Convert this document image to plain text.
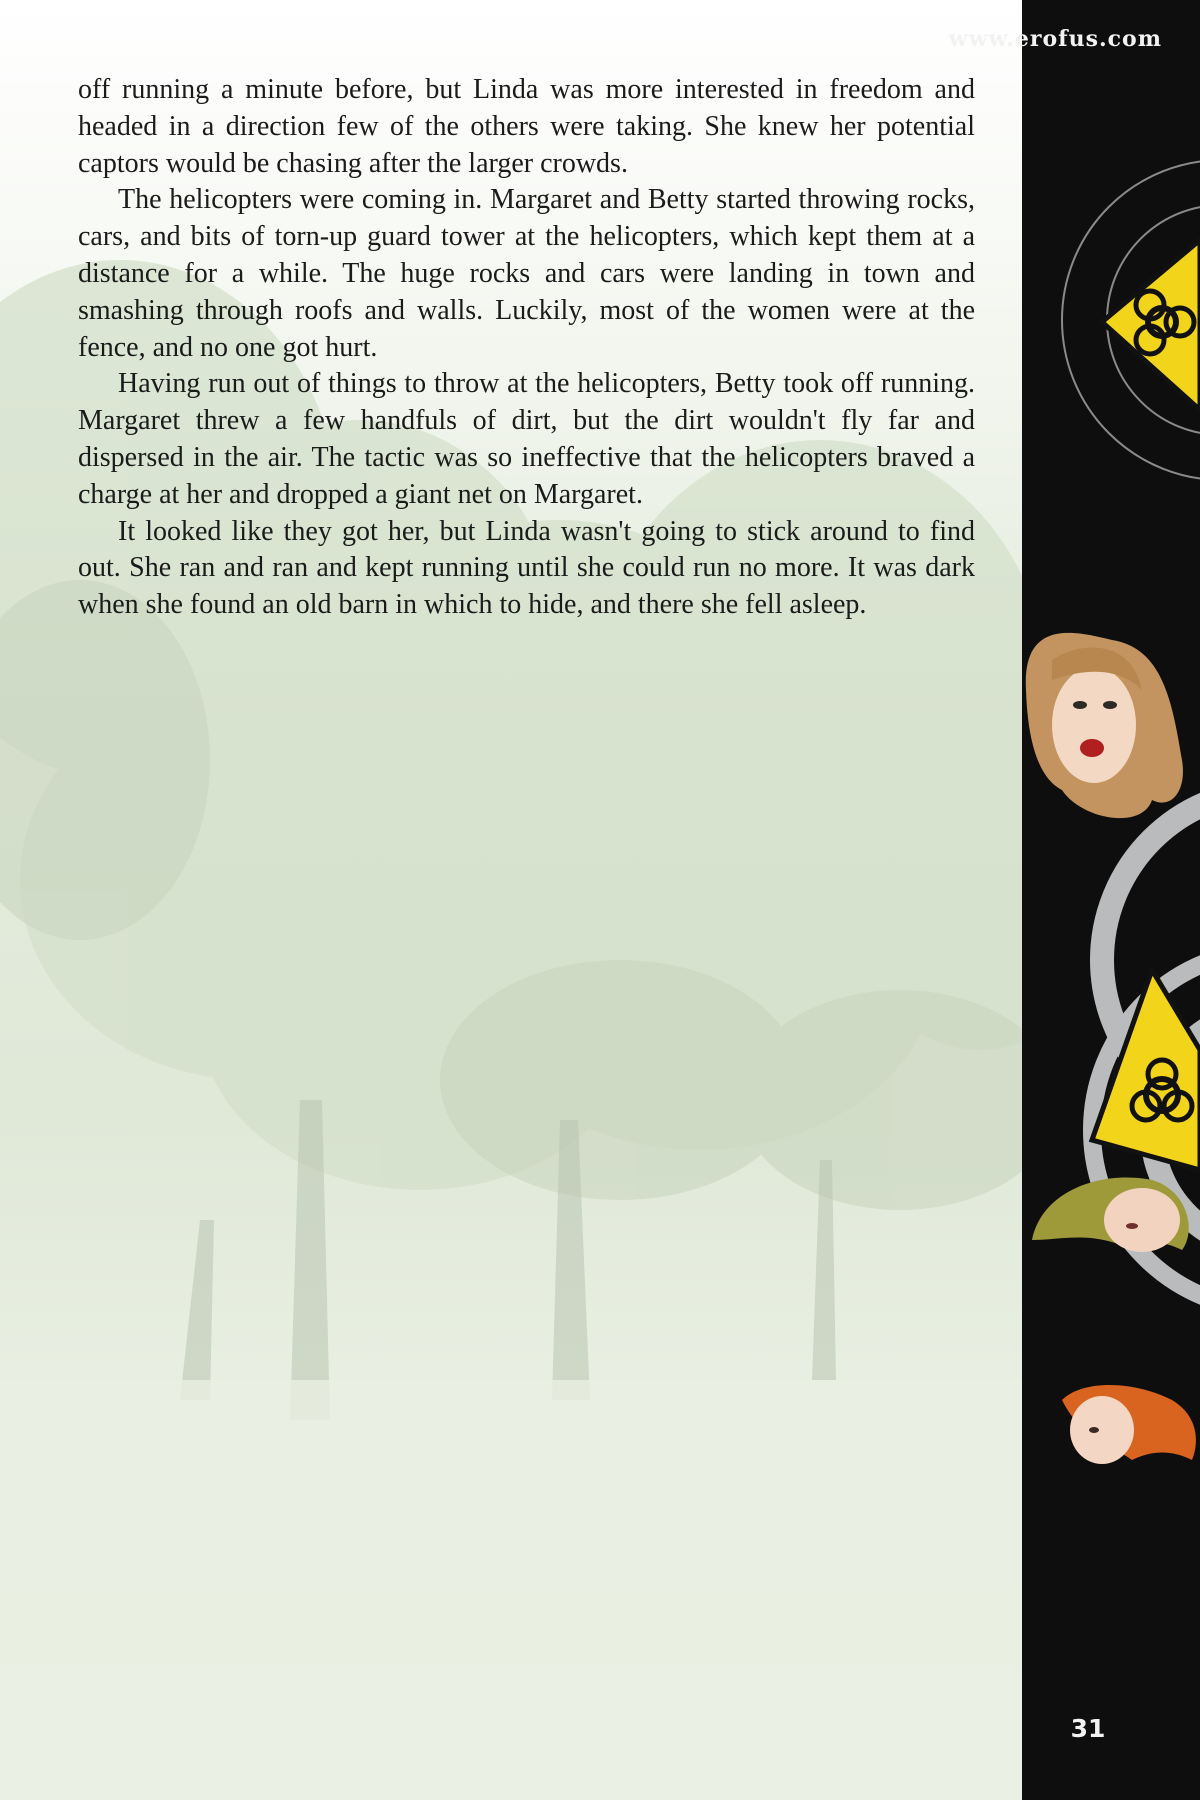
off running a minute before, but Linda was more interested in freedom and headed in a direction few of the others were taking. She knew her potential captors would be chasing after the larger crowds.

The helicopters were coming in. Margaret and Betty started throwing rocks, cars, and bits of torn-up guard tower at the helicopters, which kept them at a distance for a while. The huge rocks and cars were landing in town and smashing through roofs and walls. Luckily, most of the women were at the fence, and no one got hurt.

Having run out of things to throw at the helicopters, Betty took off running. Margaret threw a few handfuls of dirt, but the dirt wouldn't fly far and dispersed in the air. The tactic was so ineffective that the helicopters braved a charge at her and dropped a giant net on Margaret.

It looked like they got her, but Linda wasn't going to stick around to find out. She ran and ran and kept running until she could run no more. It was dark when she found an old barn in which to hide, and there she fell asleep.

www.erofus.com
31
